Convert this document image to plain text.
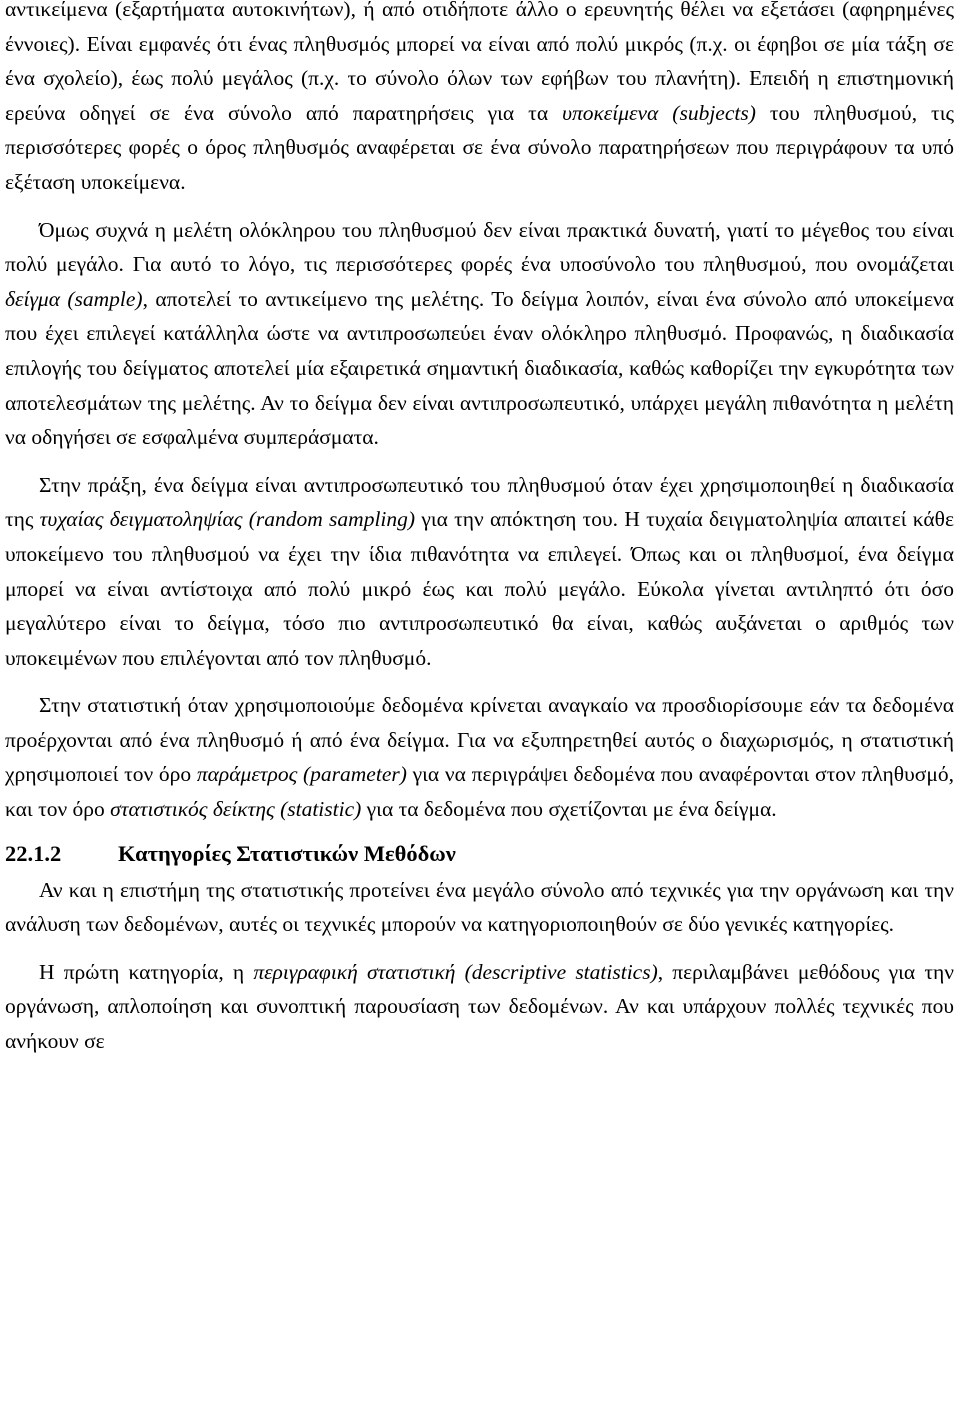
αντικείμενα (εξαρτήματα αυτοκινήτων), ή από οτιδήποτε άλλο ο ερευνητής θέλει να εξετάσει (αφηρημένες έννοιες). Είναι εμφανές ότι ένας πληθυσμός μπορεί να είναι από πολύ μικρός (π.χ. οι έφηβοι σε μία τάξη σε ένα σχολείο), έως πολύ μεγάλος (π.χ. το σύνολο όλων των εφήβων του πλανήτη). Επειδή η επιστημονική ερεύνα οδηγεί σε ένα σύνολο από παρατηρήσεις για τα υποκείμενα (subjects) του πληθυσμού, τις περισσότερες φορές ο όρος πληθυσμός αναφέρεται σε ένα σύνολο παρατηρήσεων που περιγράφουν τα υπό εξέταση υποκείμενα.

Όμως συχνά η μελέτη ολόκληρου του πληθυσμού δεν είναι πρακτικά δυνατή, γιατί το μέγεθος του είναι πολύ μεγάλο. Για αυτό το λόγο, τις περισσότερες φορές ένα υποσύνολο του πληθυσμού, που ονομάζεται δείγμα (sample), αποτελεί το αντικείμενο της μελέτης. Το δείγμα λοιπόν, είναι ένα σύνολο από υποκείμενα που έχει επιλεγεί κατάλληλα ώστε να αντιπροσωπεύει έναν ολόκληρο πληθυσμό. Προφανώς, η διαδικασία επιλογής του δείγματος αποτελεί μία εξαιρετικά σημαντική διαδικασία, καθώς καθορίζει την εγκυρότητα των αποτελεσμάτων της μελέτης. Αν το δείγμα δεν είναι αντιπροσωπευτικό, υπάρχει μεγάλη πιθανότητα η μελέτη να οδηγήσει σε εσφαλμένα συμπεράσματα.

Στην πράξη, ένα δείγμα είναι αντιπροσωπευτικό του πληθυσμού όταν έχει χρησιμοποιηθεί η διαδικασία της τυχαίας δειγματοληψίας (random sampling) για την απόκτηση του. Η τυχαία δειγματοληψία απαιτεί κάθε υποκείμενο του πληθυσμού να έχει την ίδια πιθανότητα να επιλεγεί. Όπως και οι πληθυσμοί, ένα δείγμα μπορεί να είναι αντίστοιχα από πολύ μικρό έως και πολύ μεγάλο. Εύκολα γίνεται αντιληπτό ότι όσο μεγαλύτερο είναι το δείγμα, τόσο πιο αντιπροσωπευτικό θα είναι, καθώς αυξάνεται ο αριθμός των υποκειμένων που επιλέγονται από τον πληθυσμό.

Στην στατιστική όταν χρησιμοποιούμε δεδομένα κρίνεται αναγκαίο να προσδιορίσουμε εάν τα δεδομένα προέρχονται από ένα πληθυσμό ή από ένα δείγμα. Για να εξυπηρετηθεί αυτός ο διαχωρισμός, η στατιστική χρησιμοποιεί τον όρο παράμετρος (parameter) για να περιγράψει δεδομένα που αναφέρονται στον πληθυσμό, και τον όρο στατιστικός δείκτης (statistic) για τα δεδομένα που σχετίζονται με ένα δείγμα.

22.1.2	Κατηγορίες Στατιστικών Μεθόδων

Αν και η επιστήμη της στατιστικής προτείνει ένα μεγάλο σύνολο από τεχνικές για την οργάνωση και την ανάλυση των δεδομένων, αυτές οι τεχνικές μπορούν να κατηγοριοποιηθούν σε δύο γενικές κατηγορίες.

Η πρώτη κατηγορία, η περιγραφική στατιστική (descriptive statistics), περιλαμβάνει μεθόδους για την οργάνωση, απλοποίηση και συνοπτική παρουσίαση των δεδομένων. Αν και υπάρχουν πολλές τεχνικές που ανήκουν σε
